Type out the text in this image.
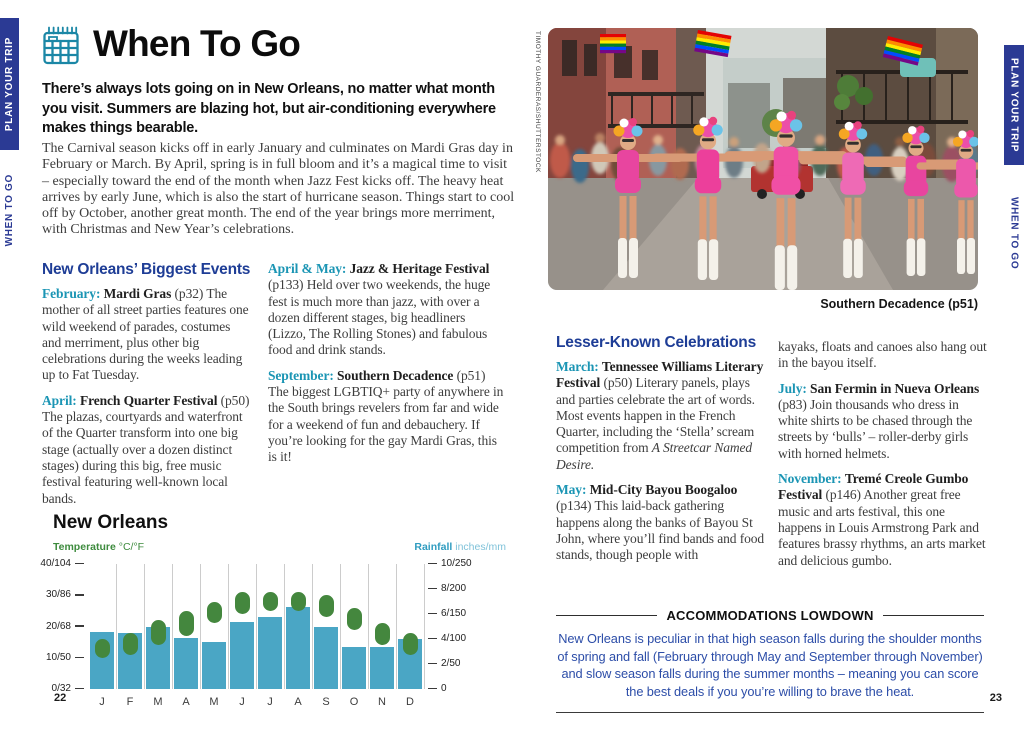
PLAN YOUR TRIP
WHEN TO GO
When To Go

There’s always lots going on in New Orleans, no matter what month you visit. Summers are blazing hot, but air-conditioning everywhere makes things bearable.

The Carnival season kicks off in early January and culminates on Mardi Gras day in February or March. By April, spring is in full bloom and it’s a magical time to visit – especially toward the end of the month when Jazz Fest kicks off. The heavy heat arrives by early June, which is also the start of hurricane season. Things start to cool off by October, another great month. The end of the year brings more merriment, with Christmas and New Year’s celebrations.

New Orleans’ Biggest Events

February: Mardi Gras (p32) The mother of all street parties features one wild weekend of parades, costumes and merriment, plus other big celebrations during the weeks leading up to Fat Tuesday.

April: French Quarter Festival (p50) The plazas, courtyards and waterfront of the Quarter transform into one big stage (actually over a dozen distinct stages) during this big, free music festival featuring well-known local bands.

April & May: Jazz & Heritage Festival (p133) Held over two weekends, the huge fest is much more than jazz, with over a dozen different stages, big headliners (Lizzo, The Rolling Stones) and fabulous food and drink stands.

September: Southern Decadence (p51) The biggest LGBTIQ+ party of anywhere in the South brings revelers from far and wide for a weekend of fun and debauchery. If you’re looking for the gay Mardi Gras, this is it!

New Orleans
Temperature °C/°F	Rainfall inches/mm
40/104
30/86
20/68
10/50
0/32
10/250
8/200
6/150
4/100
2/50
0
J	F	M	A	M	J	J	A	S	O	N	D
22
TIMOTHY GUARDERAS/SHUTTERSTOCK
Southern Decadence (p51)
Lesser-Known Celebrations

March: Tennessee Williams Literary Festival (p50) Literary panels, plays and parties celebrate the art of words. Most events happen in the French Quarter, including the ‘Stella’ scream competition from A Streetcar Named Desire.

May: Mid-City Bayou Boogaloo (p134) This laid-back gathering happens along the banks of Bayou St John, where you’ll find bands and food stands, though people with

kayaks, floats and canoes also hang out in the bayou itself.

July: San Fermin in Nueva Orleans (p83) Join thousands who dress in white shirts to be chased through the streets by ‘bulls’ – roller-derby girls with horned helmets.

November: Tremé Creole Gumbo Festival (p146) Another great free music and arts festival, this one happens in Louis Armstrong Park and features brassy rhythms, an arts market and delicious gumbo.

ACCOMMODATIONS LOWDOWN

New Orleans is peculiar in that high season falls during the shoulder months of spring and fall (February through May and September through November) and slow season falls during the summer months – meaning you can score the best deals if you you’re willing to brave the heat.	23
PLAN YOUR TRIP
WHEN TO GO
